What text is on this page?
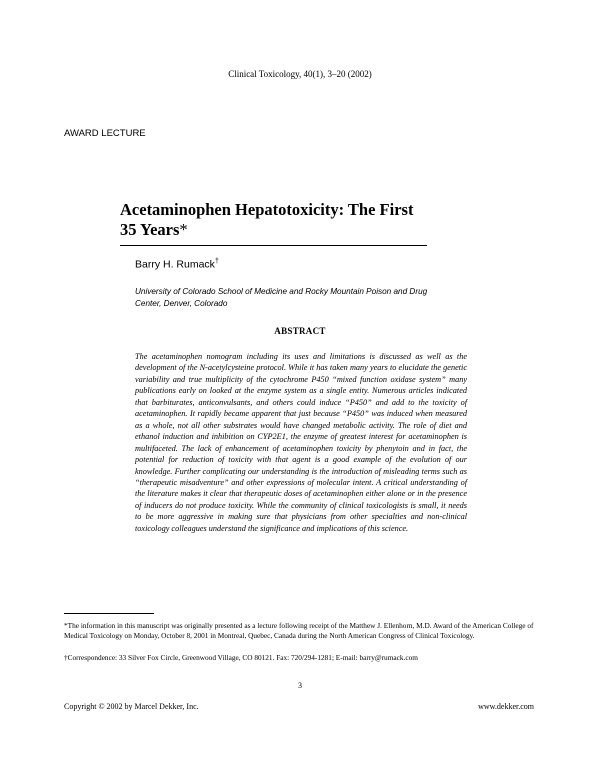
Clinical Toxicology, 40(1), 3–20 (2002)
AWARD LECTURE
Acetaminophen Hepatotoxicity: The First
35 Years*
Barry H. Rumack†
University of Colorado School of Medicine and Rocky Mountain Poison and Drug Center, Denver, Colorado
ABSTRACT
The acetaminophen nomogram including its uses and limitations is discussed as well as the development of the N-acetylcysteine protocol. While it has taken many years to elucidate the genetic variability and true multiplicity of the cytochrome P450 “mixed function oxidase system” many publications early on looked at the enzyme system as a single entity. Numerous articles indicated that barbiturates, anticonvulsants, and others could induce “P450” and add to the toxicity of acetaminophen. It rapidly became apparent that just because “P450” was induced when measured as a whole, not all other substrates would have changed metabolic activity. The role of diet and ethanol induction and inhibition on CYP2E1, the enzyme of greatest interest for acetaminophen is multifaceted. The lack of enhancement of acetaminophen toxicity by phenytoin and in fact, the potential for reduction of toxicity with that agent is a good example of the evolution of our knowledge. Further complicating our understanding is the introduction of misleading terms such as “therapeutic misadventure” and other expressions of molecular intent. A critical understanding of the literature makes it clear that therapeutic doses of acetaminophen either alone or in the presence of inducers do not produce toxicity. While the community of clinical toxicologists is small, it needs to be more aggressive in making sure that physicians from other specialties and non-clinical toxicology colleagues understand the significance and implications of this science.
*The information in this manuscript was originally presented as a lecture following receipt of the Matthew J. Ellenhorn, M.D. Award of the American College of Medical Toxicology on Monday, October 8, 2001 in Montreal, Quebec, Canada during the North American Congress of Clinical Toxicology.
†Correspondence: 33 Silver Fox Circle, Greenwood Village, CO 80121. Fax: 720/294-1281; E-mail: barry@rumack.com
3
Copyright © 2002 by Marcel Dekker, Inc.	www.dekker.com
